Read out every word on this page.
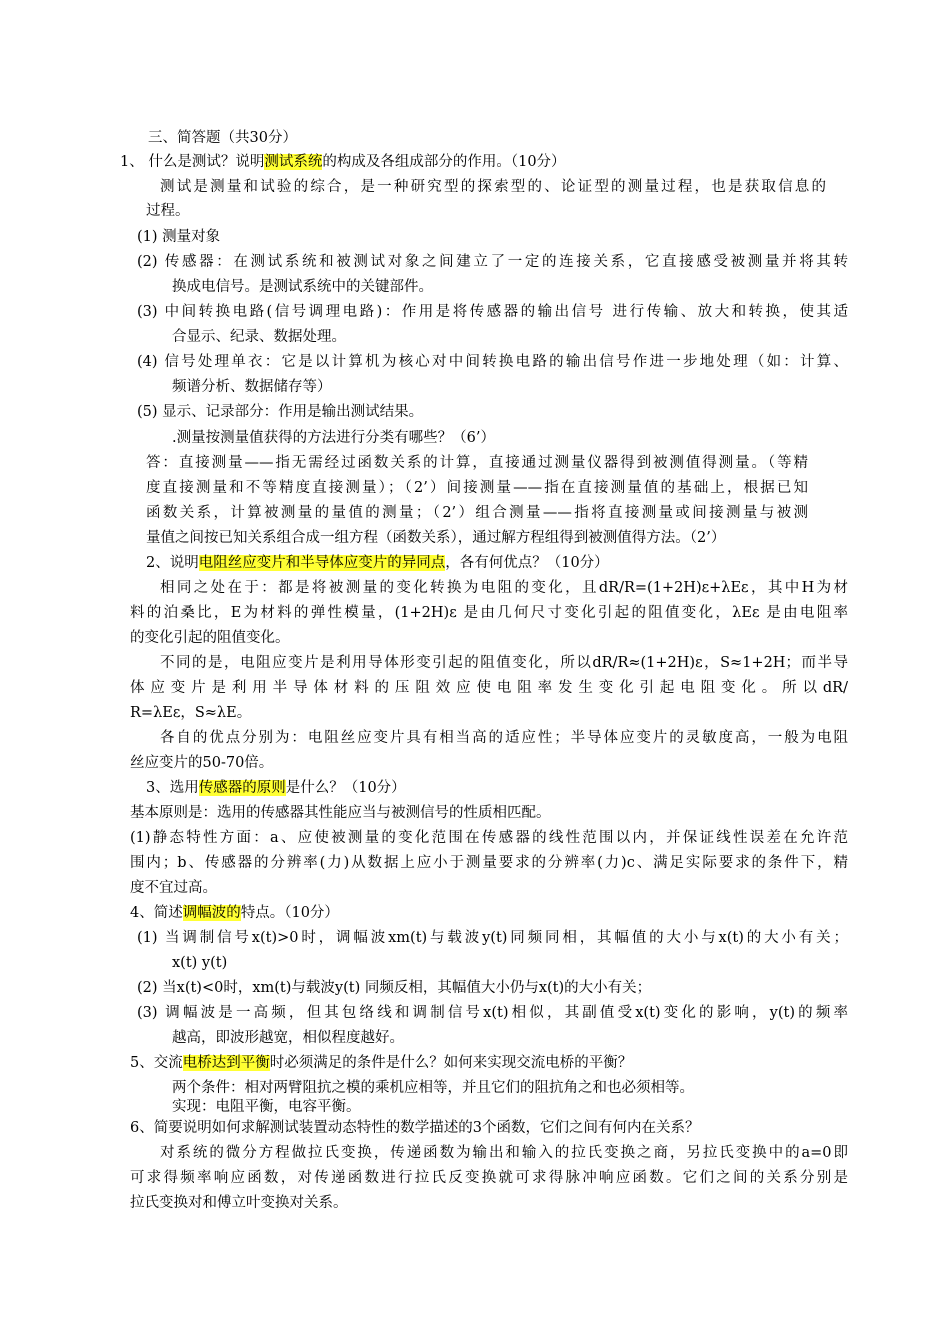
三、简答题（共30分）
1、 什么是测试？说明测试系统的构成及各组成部分的作用。（10分）
测试是测量和试验的综合，是一种研究型的探索型的、论证型的测量过程，也是获取信息的
过程。
(1) 测量对象
(2) 传感器：在测试系统和被测试对象之间建立了一定的连接关系，它直接感受被测量并将其转
换成电信号。是测试系统中的关键部件。
(3) 中间转换电路(信号调理电路)：作用是将传感器的输出信号 进行传输、放大和转换，使其适
合显示、纪录、数据处理。
(4) 信号处理单衣：它是以计算机为核心对中间转换电路的输出信号作进一步地处理（如：计算、
频谱分析、数据储存等）
(5) 显示、记录部分：作用是输出测试结果。
.测量按测量值获得的方法进行分类有哪些？（6’）
答：直接测量——指无需经过函数关系的计算，直接通过测量仪器得到被测值得测量。（等精
度直接测量和不等精度直接测量）；（2’）间接测量——指在直接测量值的基础上，根据已知
函数关系，计算被测量的量值的测量；（2’）组合测量——指将直接测量或间接测量与被测
量值之间按已知关系组合成一组方程（函数关系），通过解方程组得到被测值得方法。（2’）
2、说明电阻丝应变片和半导体应变片的异同点，各有何优点？（10分）
相同之处在于：都是将被测量的变化转换为电阻的变化，且dR/R=(1+2H)ε+λEε，其中H为材
料的泊桑比，E为材料的弹性模量，(1+2H)ε 是由几何尺寸变化引起的阻值变化，λEε 是由电阻率
的变化引起的阻值变化。
不同的是，电阻应变片是利用导体形变引起的阻值变化，所以dR/R≈(1+2H)ε，S≈1+2H；而半导
体应变片是利用半导体材料的压阻效应使电阻率发生变化引起电阻变化。所以dR/
R=λEε，S≈λE。
各自的优点分别为：电阻丝应变片具有相当高的适应性；半导体应变片的灵敏度高，一般为电阻
丝应变片的50-70倍。
3、选用传感器的原则是什么？（10分）
基本原则是：选用的传感器其性能应当与被测信号的性质相匹配。
(1)静态特性方面：a、应使被测量的变化范围在传感器的线性范围以内，并保证线性误差在允许范
围内；b、传感器的分辨率(力)从数据上应小于测量要求的分辨率(力)c、满足实际要求的条件下，精
度不宜过高。
4、简述调幅波的特点。（10分）
(1) 当调制信号x(t)>0时，调幅波xm(t)与载波y(t)同频同相，其幅值的大小与x(t)的大小有关；
x(t) y(t)
(2) 当x(t)<0时，xm(t)与载波y(t) 同频反相，其幅值大小仍与x(t)的大小有关；
(3) 调幅波是一高频，但其包络线和调制信号x(t)相似，其副值受x(t)变化的影响，y(t)的频率
越高，即波形越宽，相似程度越好。
5、交流电桥达到平衡时必须满足的条件是什么？如何来实现交流电桥的平衡？
两个条件：相对两臂阻抗之模的乘机应相等，并且它们的阻抗角之和也必须相等。
实现：电阻平衡，电容平衡。
6、简要说明如何求解测试装置动态特性的数学描述的3个函数，它们之间有何内在关系？
对系统的微分方程做拉氏变换，传递函数为输出和输入的拉氏变换之商，另拉氏变换中的a=0即
可求得频率响应函数，对传递函数进行拉氏反变换就可求得脉冲响应函数。它们之间的关系分别是
拉氏变换对和傅立叶变换对关系。
